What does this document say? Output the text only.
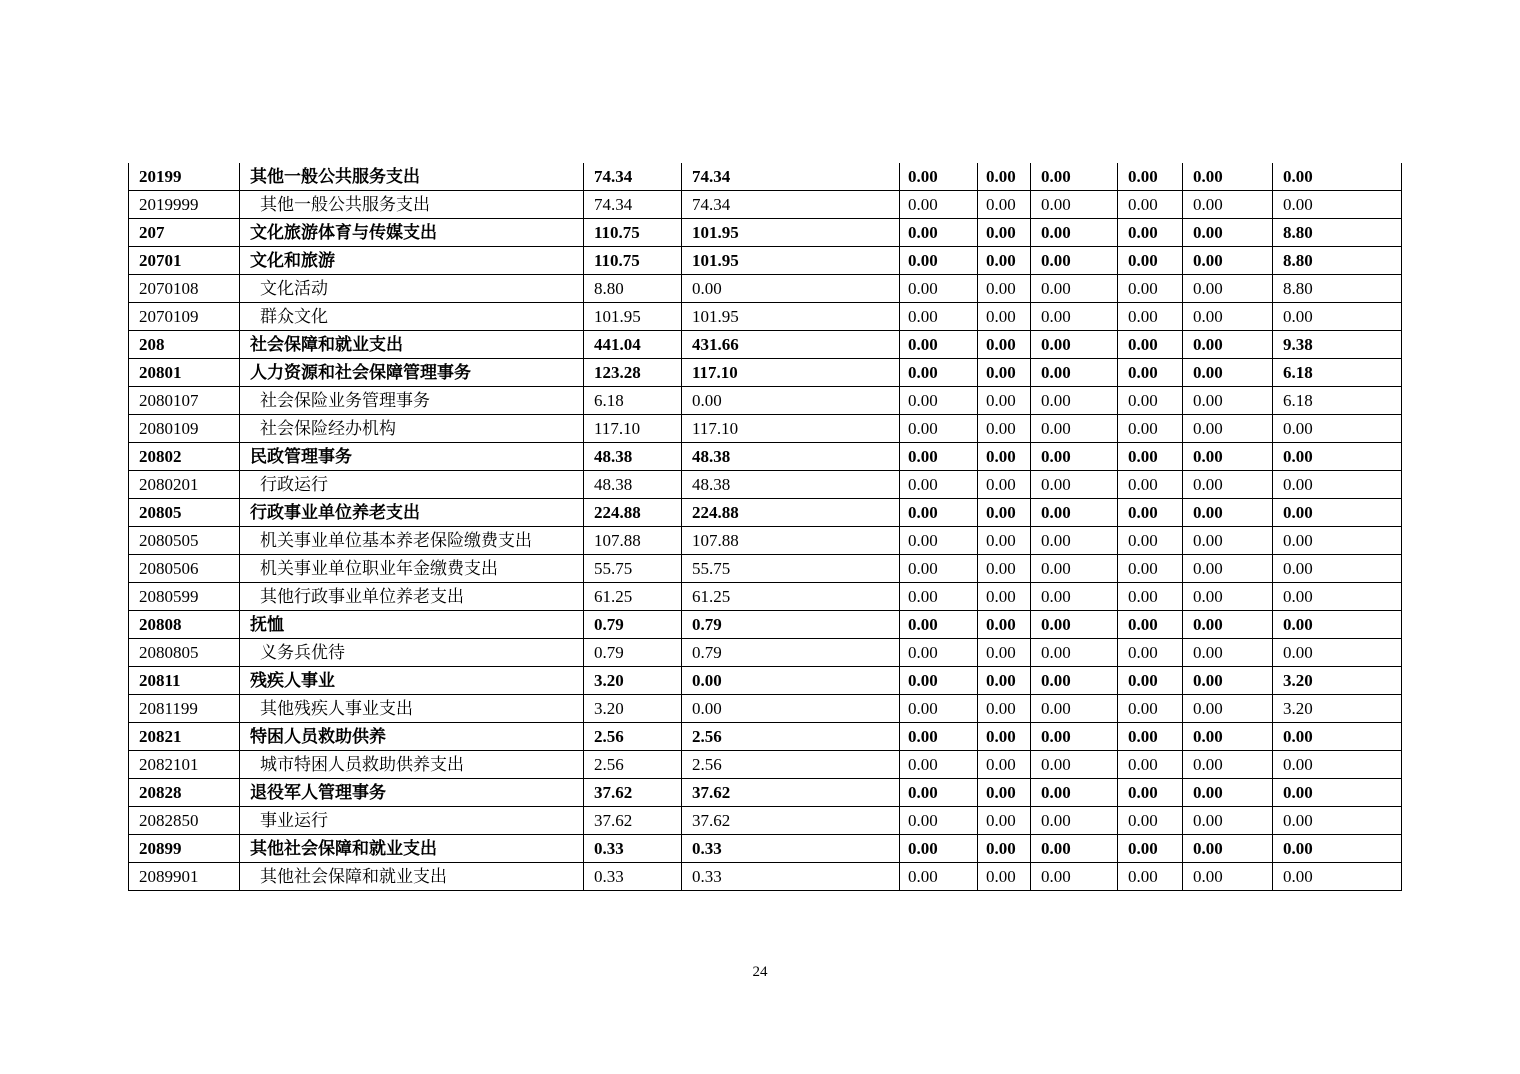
20199	其他一般公共服务支出	74.34	74.34	0.00	0.00	0.00	0.00	0.00	0.00
2019999	其他一般公共服务支出	74.34	74.34	0.00	0.00	0.00	0.00	0.00	0.00
207	文化旅游体育与传媒支出	110.75	101.95	0.00	0.00	0.00	0.00	0.00	8.80
20701	文化和旅游	110.75	101.95	0.00	0.00	0.00	0.00	0.00	8.80
2070108	文化活动	8.80	0.00	0.00	0.00	0.00	0.00	0.00	8.80
2070109	群众文化	101.95	101.95	0.00	0.00	0.00	0.00	0.00	0.00
208	社会保障和就业支出	441.04	431.66	0.00	0.00	0.00	0.00	0.00	9.38
20801	人力资源和社会保障管理事务	123.28	117.10	0.00	0.00	0.00	0.00	0.00	6.18
2080107	社会保险业务管理事务	6.18	0.00	0.00	0.00	0.00	0.00	0.00	6.18
2080109	社会保险经办机构	117.10	117.10	0.00	0.00	0.00	0.00	0.00	0.00
20802	民政管理事务	48.38	48.38	0.00	0.00	0.00	0.00	0.00	0.00
2080201	行政运行	48.38	48.38	0.00	0.00	0.00	0.00	0.00	0.00
20805	行政事业单位养老支出	224.88	224.88	0.00	0.00	0.00	0.00	0.00	0.00
2080505	机关事业单位基本养老保险缴费支出	107.88	107.88	0.00	0.00	0.00	0.00	0.00	0.00
2080506	机关事业单位职业年金缴费支出	55.75	55.75	0.00	0.00	0.00	0.00	0.00	0.00
2080599	其他行政事业单位养老支出	61.25	61.25	0.00	0.00	0.00	0.00	0.00	0.00
20808	抚恤	0.79	0.79	0.00	0.00	0.00	0.00	0.00	0.00
2080805	义务兵优待	0.79	0.79	0.00	0.00	0.00	0.00	0.00	0.00
20811	残疾人事业	3.20	0.00	0.00	0.00	0.00	0.00	0.00	3.20
2081199	其他残疾人事业支出	3.20	0.00	0.00	0.00	0.00	0.00	0.00	3.20
20821	特困人员救助供养	2.56	2.56	0.00	0.00	0.00	0.00	0.00	0.00
2082101	城市特困人员救助供养支出	2.56	2.56	0.00	0.00	0.00	0.00	0.00	0.00
20828	退役军人管理事务	37.62	37.62	0.00	0.00	0.00	0.00	0.00	0.00
2082850	事业运行	37.62	37.62	0.00	0.00	0.00	0.00	0.00	0.00
20899	其他社会保障和就业支出	0.33	0.33	0.00	0.00	0.00	0.00	0.00	0.00
2089901	其他社会保障和就业支出	0.33	0.33	0.00	0.00	0.00	0.00	0.00	0.00
24
